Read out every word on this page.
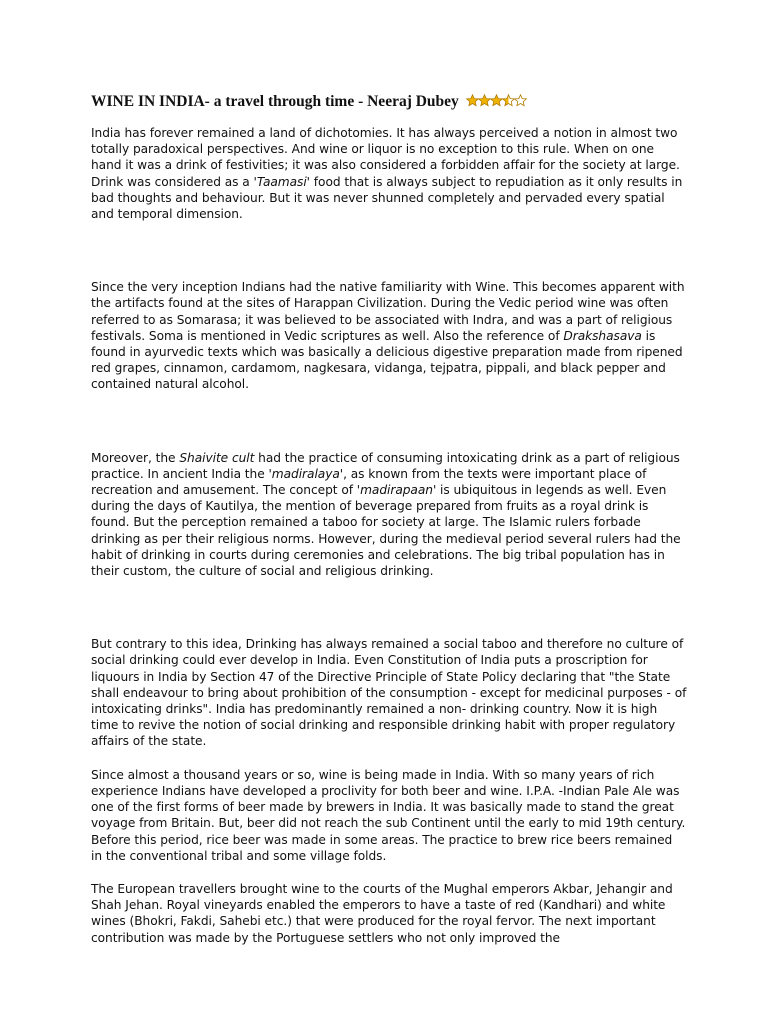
WINE IN INDIA- a travel through time - Neeraj Dubey

India has forever remained a land of dichotomies. It has always perceived a notion in almost two totally paradoxical perspectives. And wine or liquor is no exception to this rule. When on one hand it was a drink of festivities; it was also considered a forbidden affair for the society at large. Drink was considered as a 'Taamasi' food that is always subject to repudiation as it only results in bad thoughts and behaviour. But it was never shunned completely and pervaded every spatial and temporal dimension.

Since the very inception Indians had the native familiarity with Wine. This becomes apparent with the artifacts found at the sites of Harappan Civilization. During the Vedic period wine was often referred to as Somarasa; it was believed to be associated with Indra, and was a part of religious festivals. Soma is mentioned in Vedic scriptures as well. Also the reference of Drakshasava is found in ayurvedic texts which was basically a delicious digestive preparation made from ripened red grapes, cinnamon, cardamom, nagkesara, vidanga, tejpatra, pippali, and black pepper and contained natural alcohol.

Moreover, the Shaivite cult had the practice of consuming intoxicating drink as a part of religious practice. In ancient India the 'madiralaya', as known from the texts were important place of recreation and amusement. The concept of 'madirapaan' is ubiquitous in legends as well. Even during the days of Kautilya, the mention of beverage prepared from fruits as a royal drink is found. But the perception remained a taboo for society at large. The Islamic rulers forbade drinking as per their religious norms. However, during the medieval period several rulers had the habit of drinking in courts during ceremonies and celebrations. The big tribal population has in their custom, the culture of social and religious drinking.

But contrary to this idea, Drinking has always remained a social taboo and therefore no culture of social drinking could ever develop in India. Even Constitution of India puts a proscription for liquours in India by Section 47 of the Directive Principle of State Policy declaring that "the State shall endeavour to bring about prohibition of the consumption - except for medicinal purposes - of intoxicating drinks". India has predominantly remained a non- drinking country. Now it is high time to revive the notion of social drinking and responsible drinking habit with proper regulatory affairs of the state.

Since almost a thousand years or so, wine is being made in India. With so many years of rich experience Indians have developed a proclivity for both beer and wine. I.P.A. -Indian Pale Ale was one of the first forms of beer made by brewers in India. It was basically made to stand the great voyage from Britain. But, beer did not reach the sub Continent until the early to mid 19th century. Before this period, rice beer was made in some areas. The practice to brew rice beers remained in the conventional tribal and some village folds.

The European travellers brought wine to the courts of the Mughal emperors Akbar, Jehangir and Shah Jehan. Royal vineyards enabled the emperors to have a taste of red (Kandhari) and white wines (Bhokri, Fakdi, Sahebi etc.) that were produced for the royal fervor. The next important contribution was made by the Portuguese settlers who not only improved the
